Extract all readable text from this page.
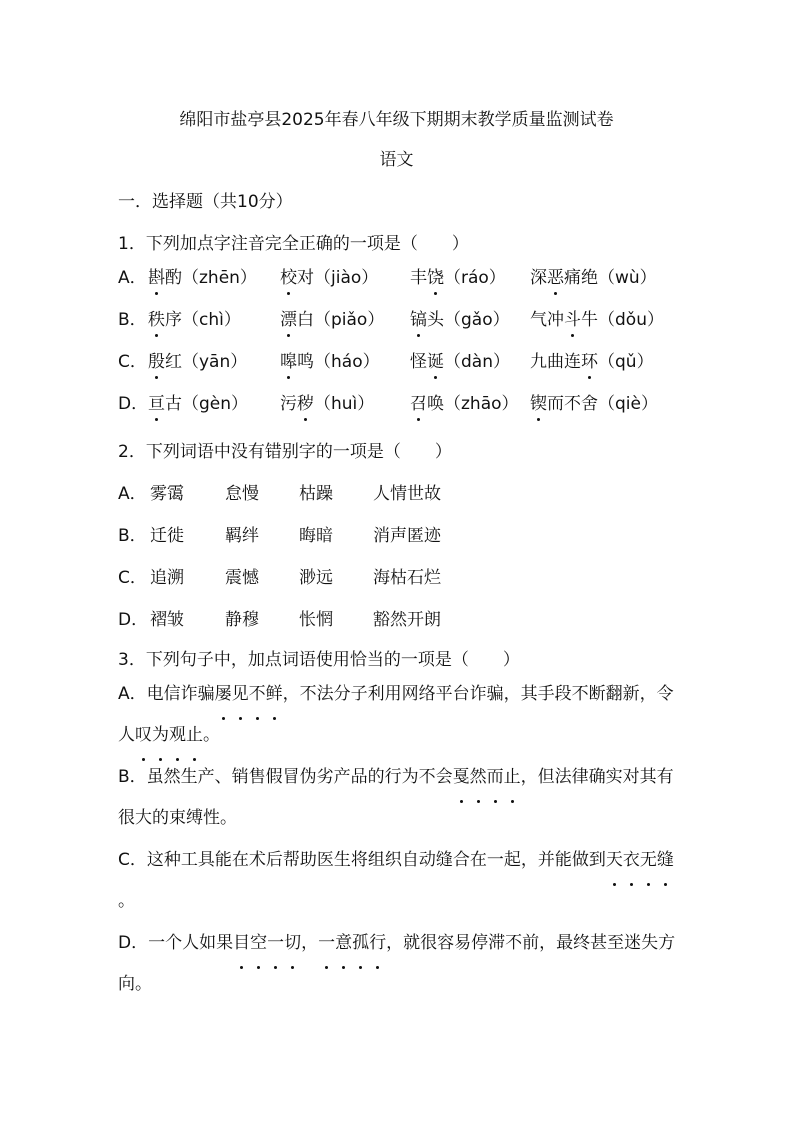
绵阳市盐亭县2025年春八年级下期期末教学质量监测试卷
语文
一．选择题（共10分）
1．下列加点字注音完全正确的一项是（　　）
A． 斟酌（zhēn） 校对（jiào） 丰饶（ráo） 深恶痛绝（wù）
B． 秩序（chì） 漂白（piǎo） 镐头（gǎo） 气冲斗牛（dǒu）
C． 殷红（yān） 嗥鸣（háo） 怪诞（dàn） 九曲连环（qǔ）
D． 亘古（gèn） 污秽（huì） 召唤（zhāo） 锲而不舍（qiè）
2．下列词语中没有错别字的一项是（　　）
A． 雾霭 怠慢 枯躁 人情世故
B． 迁徙 羁绊 晦暗 消声匿迹
C． 追溯 震憾 渺远 海枯石烂
D． 褶皱 静穆 怅惘 豁然开朗
3．下列句子中，加点词语使用恰当的一项是（　　）
A．电信诈骗屡见不鲜，不法分子利用网络平台诈骗，其手段不断翻新，令人叹为观止。
B．虽然生产、销售假冒伪劣产品的行为不会戛然而止，但法律确实对其有很大的束缚性。
C．这种工具能在术后帮助医生将组织自动缝合在一起，并能做到天衣无缝。
D．一个人如果目空一切，一意孤行，就很容易停滞不前，最终甚至迷失方向。
